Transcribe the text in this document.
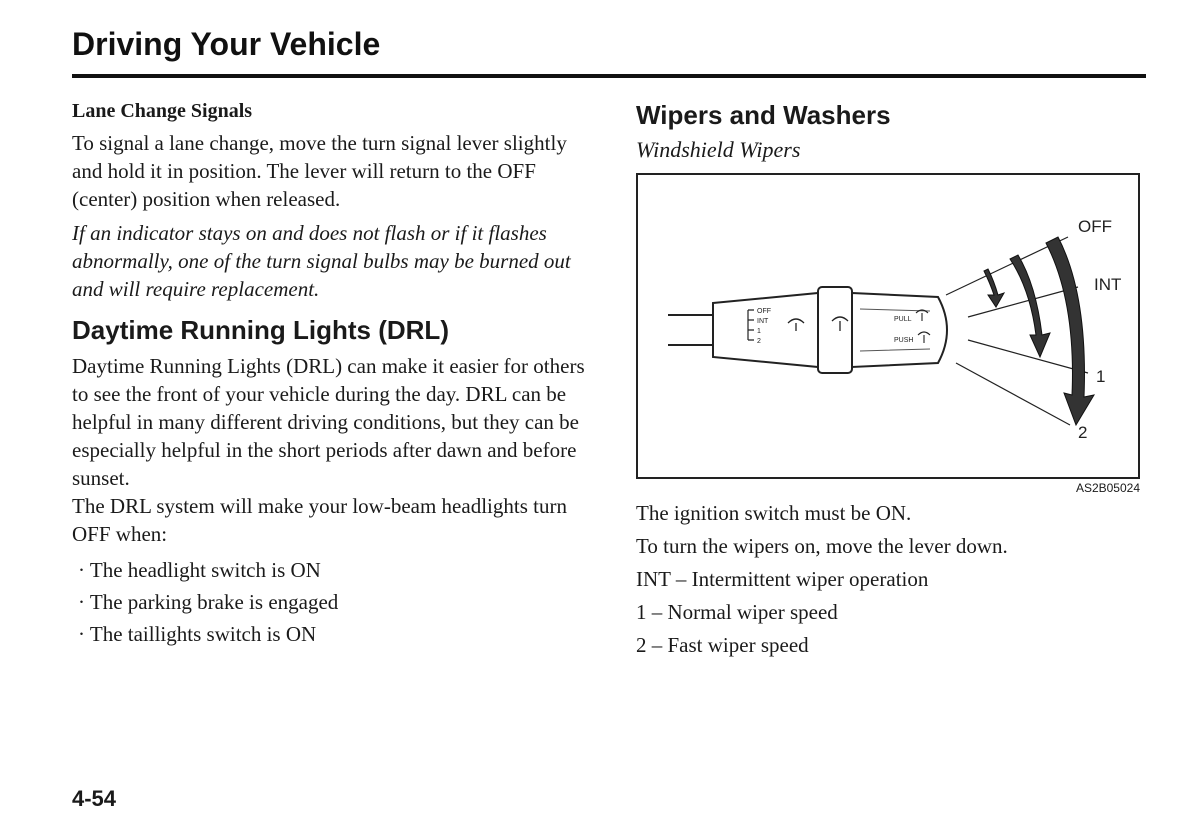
Driving Your Vehicle
Lane Change Signals

To signal a lane change, move the turn signal lever slightly and hold it in position. The lever will return to the OFF (center) position when released.

If an indicator stays on and does not flash or if it flashes abnormally, one of the turn signal bulbs may be burned out and will require replacement.

Daytime Running Lights (DRL)

Daytime Running Lights (DRL) can make it easier for others to see the front of your vehicle during the day. DRL can be helpful in many different driving conditions, but they can be especially helpful in the short periods after dawn and before sunset.

The DRL system will make your low-beam headlights turn OFF when:

· The headlight switch is ON
· The parking brake is engaged
· The taillights switch is ON
Wipers and Washers

Windshield Wipers

OFF
INT
1
2
PULL
PUSH
OFF
INT
1
2
AS2B05024

The ignition switch must be ON.

To turn the wipers on, move the lever down.

INT – Intermittent wiper operation

1 – Normal wiper speed

2 – Fast wiper speed

4-54
